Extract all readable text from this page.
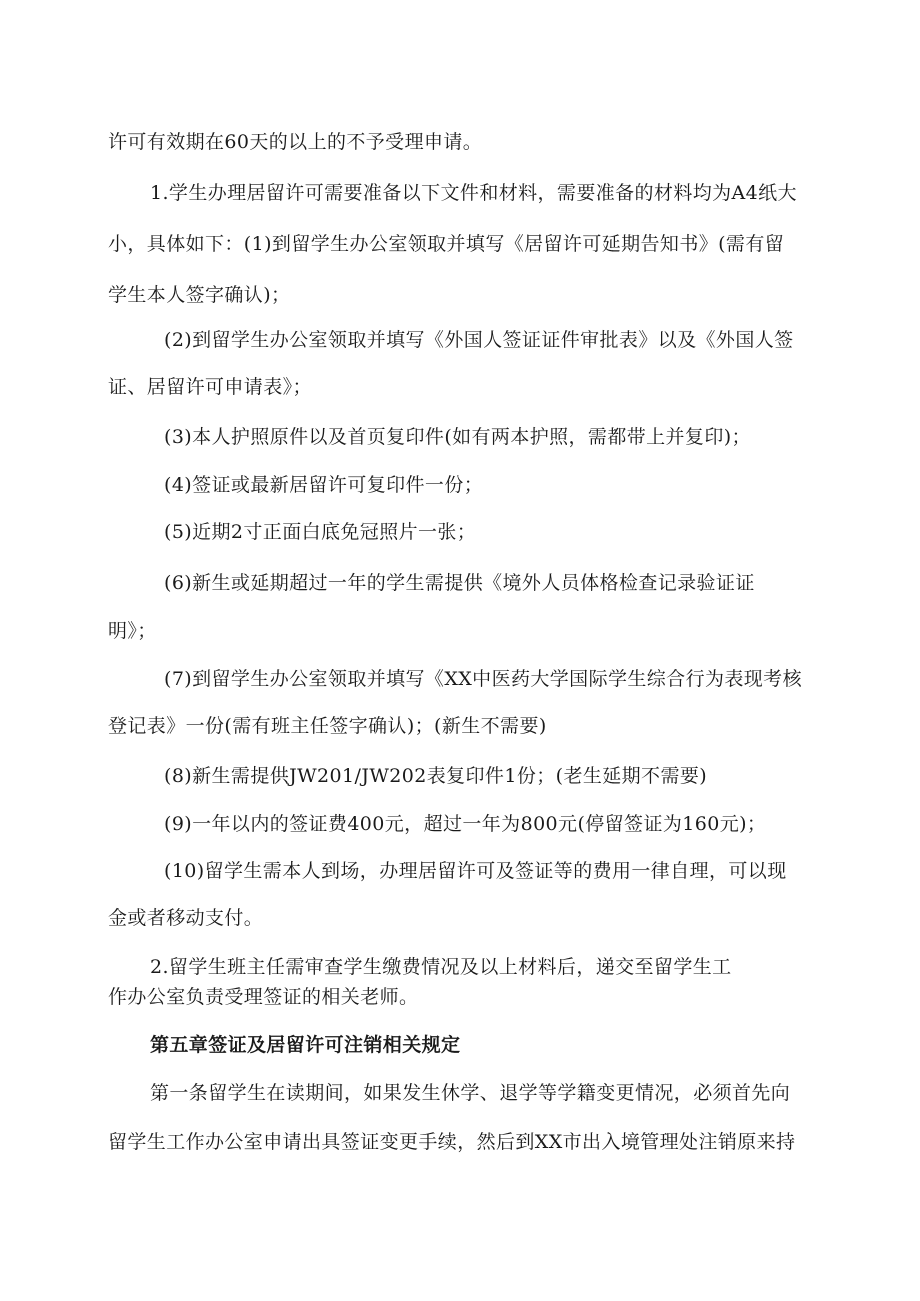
许可有效期在60天的以上的不予受理申请。
1.学生办理居留许可需要准备以下文件和材料，需要准备的材料均为A4纸大
小，具体如下：(1)到留学生办公室领取并填写《居留许可延期告知书》(需有留
学生本人签字确认)；
(2)到留学生办公室领取并填写《外国人签证证件审批表》以及《外国人签
证、居留许可申请表》；
(3)本人护照原件以及首页复印件(如有两本护照，需都带上并复印)；
(4)签证或最新居留许可复印件一份；
(5)近期2寸正面白底免冠照片一张；
(6)新生或延期超过一年的学生需提供《境外人员体格检查记录验证证
明》；
(7)到留学生办公室领取并填写《XX中医药大学国际学生综合行为表现考核
登记表》一份(需有班主任签字确认)；(新生不需要)
(8)新生需提供JW201/JW202表复印件1份；(老生延期不需要)
(9)一年以内的签证费400元，超过一年为800元(停留签证为160元)；
(10)留学生需本人到场，办理居留许可及签证等的费用一律自理，可以现
金或者移动支付。
2.留学生班主任需审查学生缴费情况及以上材料后，递交至留学生工
作办公室负责受理签证的相关老师。
第五章签证及居留许可注销相关规定
第一条留学生在读期间，如果发生休学、退学等学籍变更情况，必须首先向
留学生工作办公室申请出具签证变更手续，然后到XX市出入境管理处注销原来持
